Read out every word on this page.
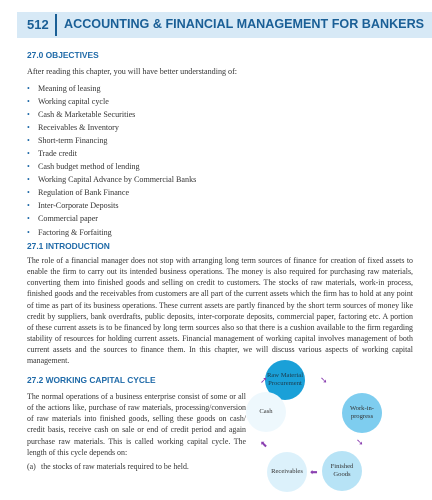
512 ACCOUNTING & FINANCIAL MANAGEMENT FOR BANKERS
27.0 OBJECTIVES
After reading this chapter, you will have better understanding of:
• Meaning of leasing
• Working capital cycle
• Cash & Marketable Securities
• Receivables & Inventory
• Short-term Financing
• Trade credit
• Cash budget method of lending
• Working Capital Advance by Commercial Banks
• Regulation of Bank Finance
• Inter-Corporate Deposits
• Commercial paper
• Factoring & Forfaiting
27.1 INTRODUCTION

The role of a financial manager does not stop with arranging long term sources of finance for creation of fixed assets to enable the firm to carry out its intended business operations. The money is also required for purchasing raw materials, converting them into finished goods and selling on credit to customers. The stocks of raw materials, work-in process, finished goods and the receivables from customers are all part of the current assets which the firm has to hold at any point of time as part of its business operations. These current assets are partly financed by the short term sources of money like credit by suppliers, bank overdrafts, public deposits, inter-corporate deposits, commercial paper, factoring etc. A portion of these current assets is to be financed by long term sources also so that there is a cushion available to the firm regarding stability of resources for holding current assets. Financial management of working capital involves management of both current assets and the sources to finance them. In this chapter, we will discuss various aspects of working capital management.

27.2 WORKING CAPITAL CYCLE

The normal operations of a business enterprise consist of some or all of the actions like, purchase of raw materials, processing/conversion of raw materials into finished goods, selling these goods on cash/ credit basis, receive cash on sale or end of credit period and again purchase raw materials. This is called working capital cycle. The length of this cycle depends on:

(a) the stocks of raw materials required to be held.
Raw Material
Procurement
Work-in-
progress
Finished
Goods
Receivables
Cash
➘
➘
⬅
⬉
➚
